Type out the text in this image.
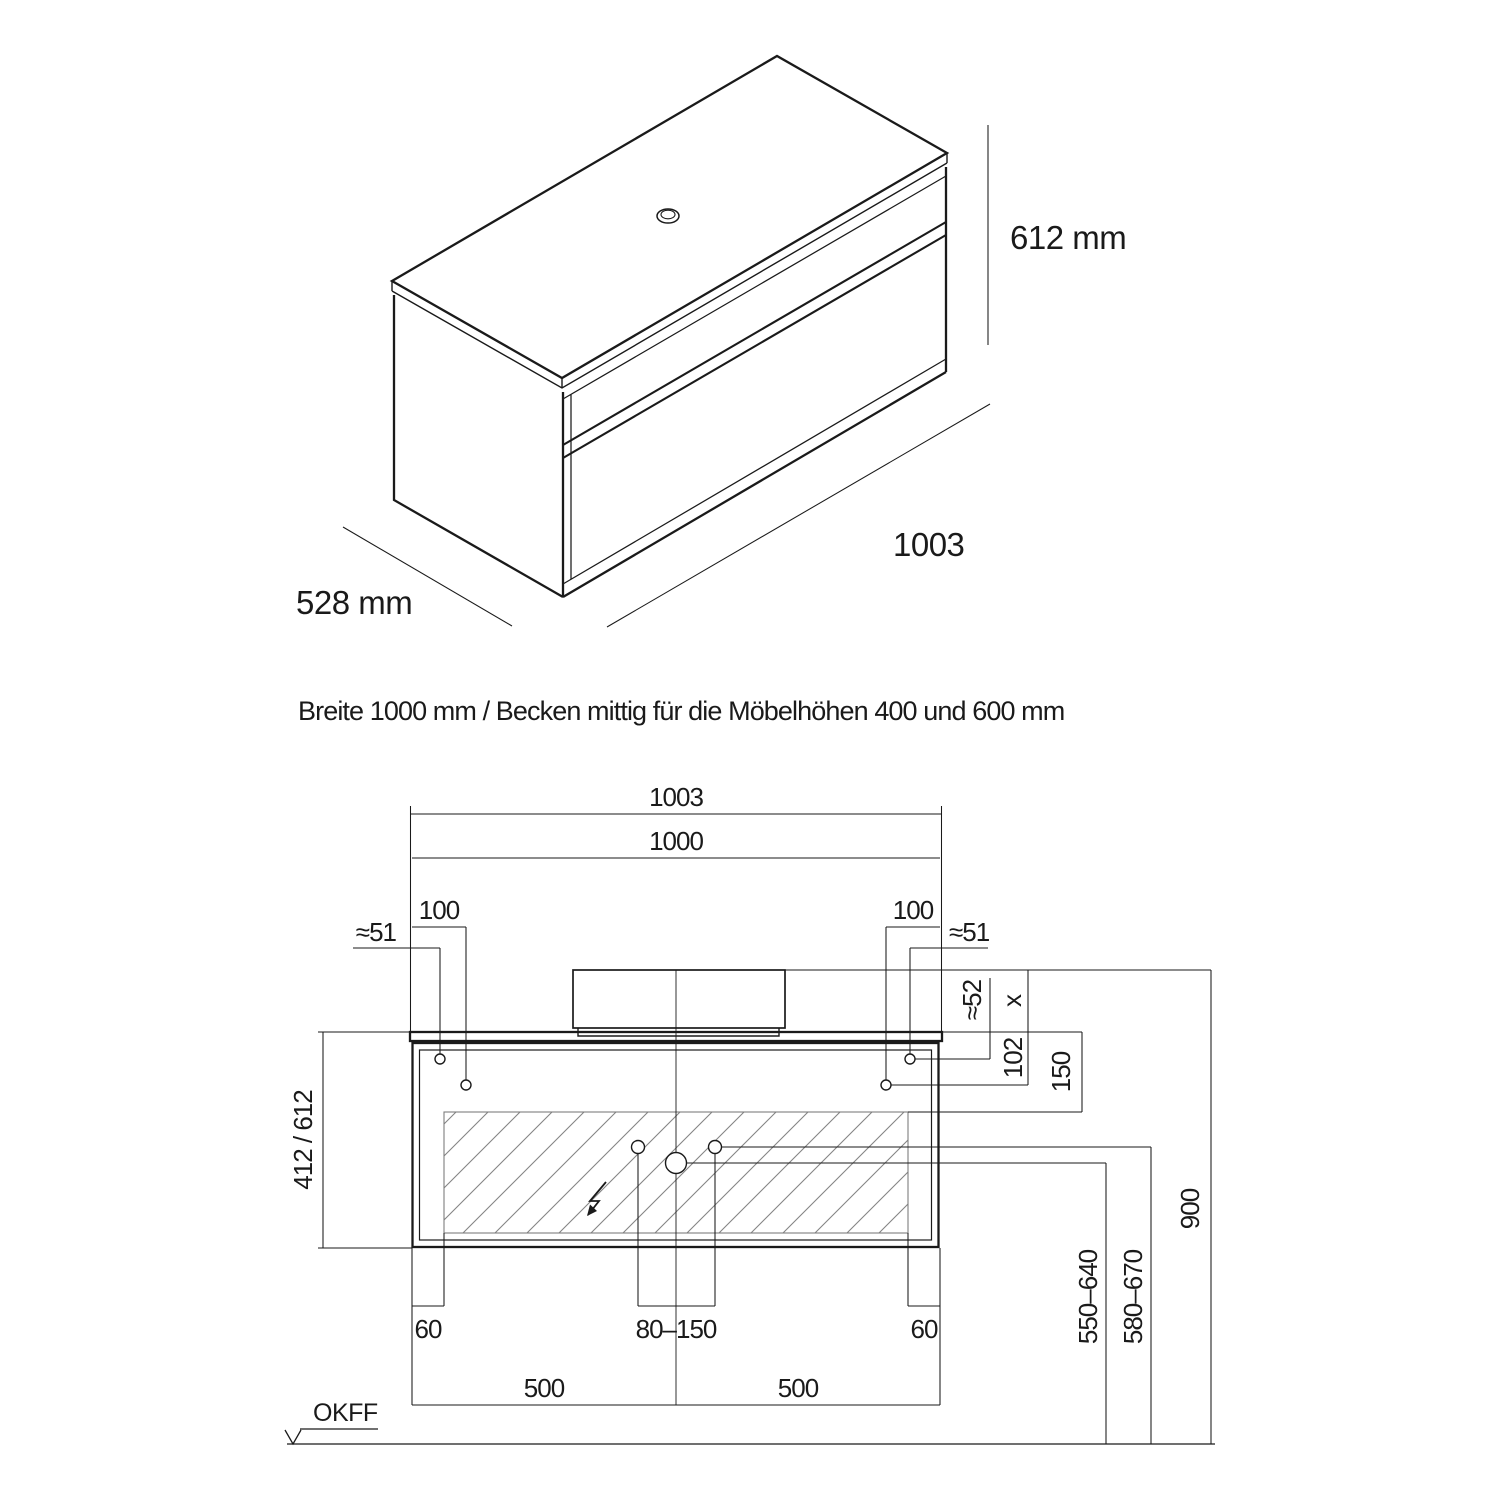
612 mm
528 mm
1003
Breite 1000 mm / Becken mittig für die Möbelhöhen 400 und 600 mm
1003
1000
100	100
≈51	≈51
60	80–150	60
500	500
OKFF
≈52 x
102 150
412 / 612
550–640 580–670
900
